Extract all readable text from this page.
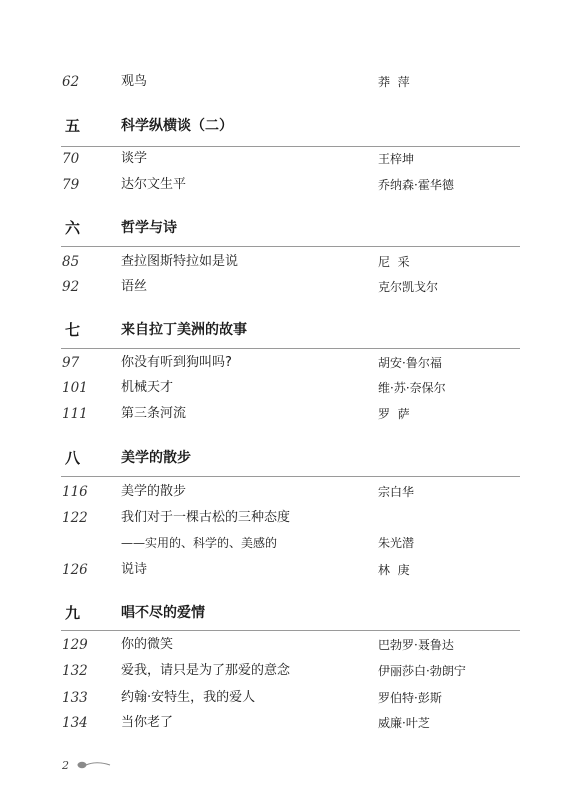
62	观鸟	莽  萍
五	科学纵横谈（二）
70	谈学	王梓坤
79	达尔文生平	乔纳森·霍华德
六	哲学与诗
85	查拉图斯特拉如是说	尼  采
92	语丝	克尔凯戈尔
七	来自拉丁美洲的故事
97	你没有听到狗叫吗?	胡安·鲁尔福
101	机械天才	维·苏·奈保尔
111	第三条河流	罗  萨
八	美学的散步
116	美学的散步	宗白华
122	我们对于一棵古松的三种态度
——实用的、科学的、美感的	朱光潜
126	说诗	林  庚
九	唱不尽的爱情
129	你的微笑	巴勃罗·聂鲁达
132	爱我，请只是为了那爱的意念	伊丽莎白·勃朗宁
133	约翰·安特生，我的爱人	罗伯特·彭斯
134	当你老了	威廉·叶芝
2
